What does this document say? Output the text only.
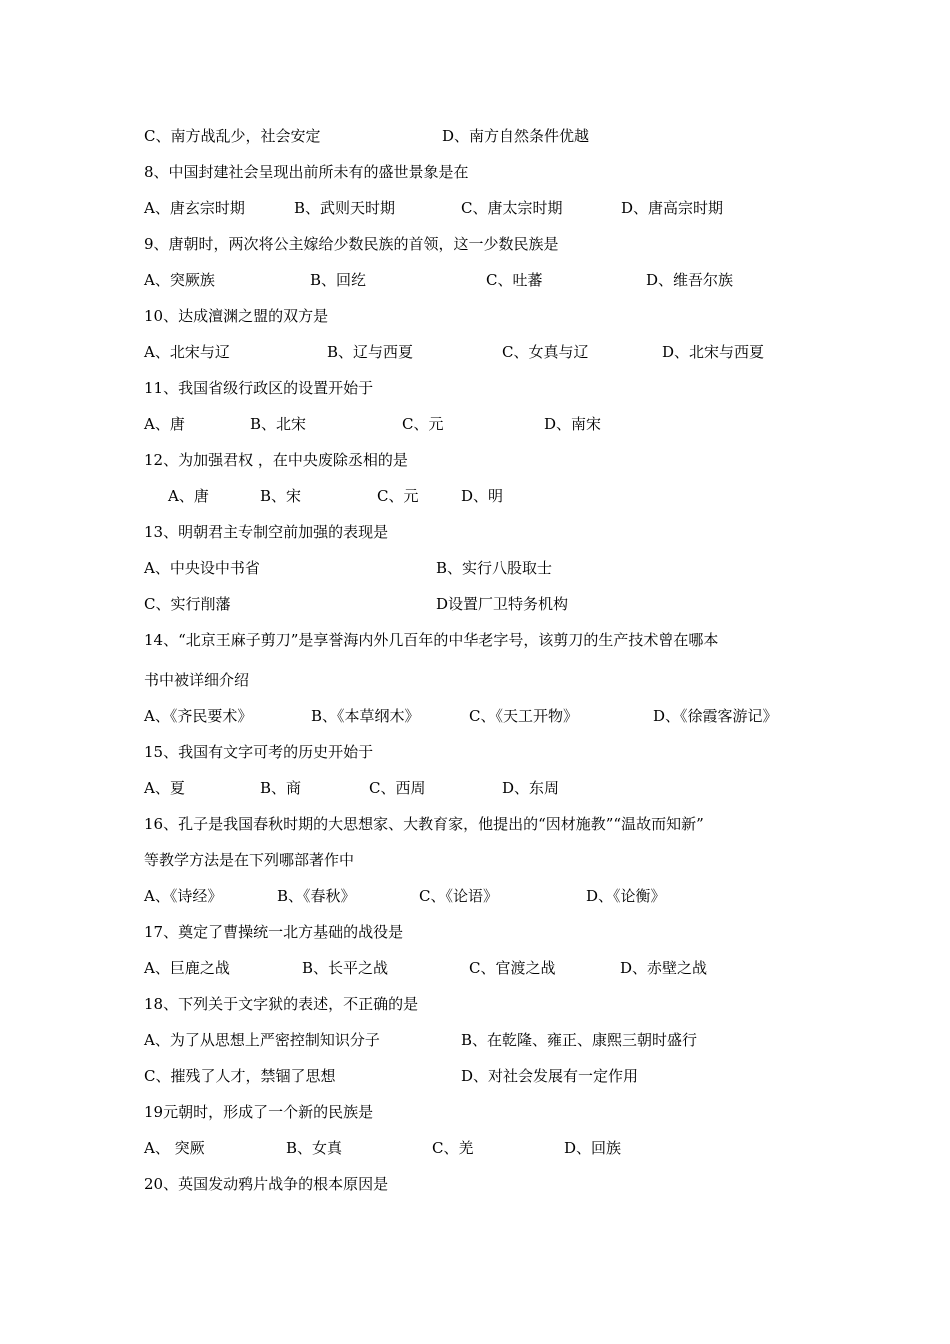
C、南方战乱少，社会安定	D、南方自然条件优越
8、中国封建社会呈现出前所未有的盛世景象是在
A、唐玄宗时期	B、武则天时期	C、唐太宗时期	D、唐高宗时期
9、唐朝时，两次将公主嫁给少数民族的首领，这一少数民族是
A、突厥族	B、回纥	C、吐蕃	D、维吾尔族
10、达成澶渊之盟的双方是
A、北宋与辽	B、辽与西夏	C、女真与辽	D、北宋与西夏
11、我国省级行政区的设置开始于
A、唐	B、北宋	C、元	D、南宋
12、为加强君权 ，在中央废除丞相的是
A、唐	B、宋	C、元	D、明
13、明朝君主专制空前加强的表现是
A、中央设中书省	B、实行八股取士
C、实行削藩	D设置厂卫特务机构
14、“北京王麻子剪刀”是享誉海内外几百年的中华老字号，该剪刀的生产技术曾在哪本
书中被详细介绍
A、《齐民要术》	B、《本草纲木》	C、《天工开物》	D、《徐霞客游记》
15、我国有文字可考的历史开始于
A、夏	B、商	C、西周	D、东周
16、孔子是我国春秋时期的大思想家、大教育家，他提出的“因材施教”“温故而知新”
等教学方法是在下列哪部著作中
A、《诗经》	B、《春秋》	C、《论语》	D、《论衡》
17、奠定了曹操统一北方基础的战役是
A、巨鹿之战	B、长平之战	C、官渡之战	D、赤壁之战
18、下列关于文字狱的表述，不正确的是
A、为了从思想上严密控制知识分子	B、在乾隆、雍正、康熙三朝时盛行
C、摧残了人才，禁锢了思想	D、对社会发展有一定作用
19元朝时，形成了一个新的民族是
A、 突厥	B、女真	C、羌	D、回族
20、英国发动鸦片战争的根本原因是
